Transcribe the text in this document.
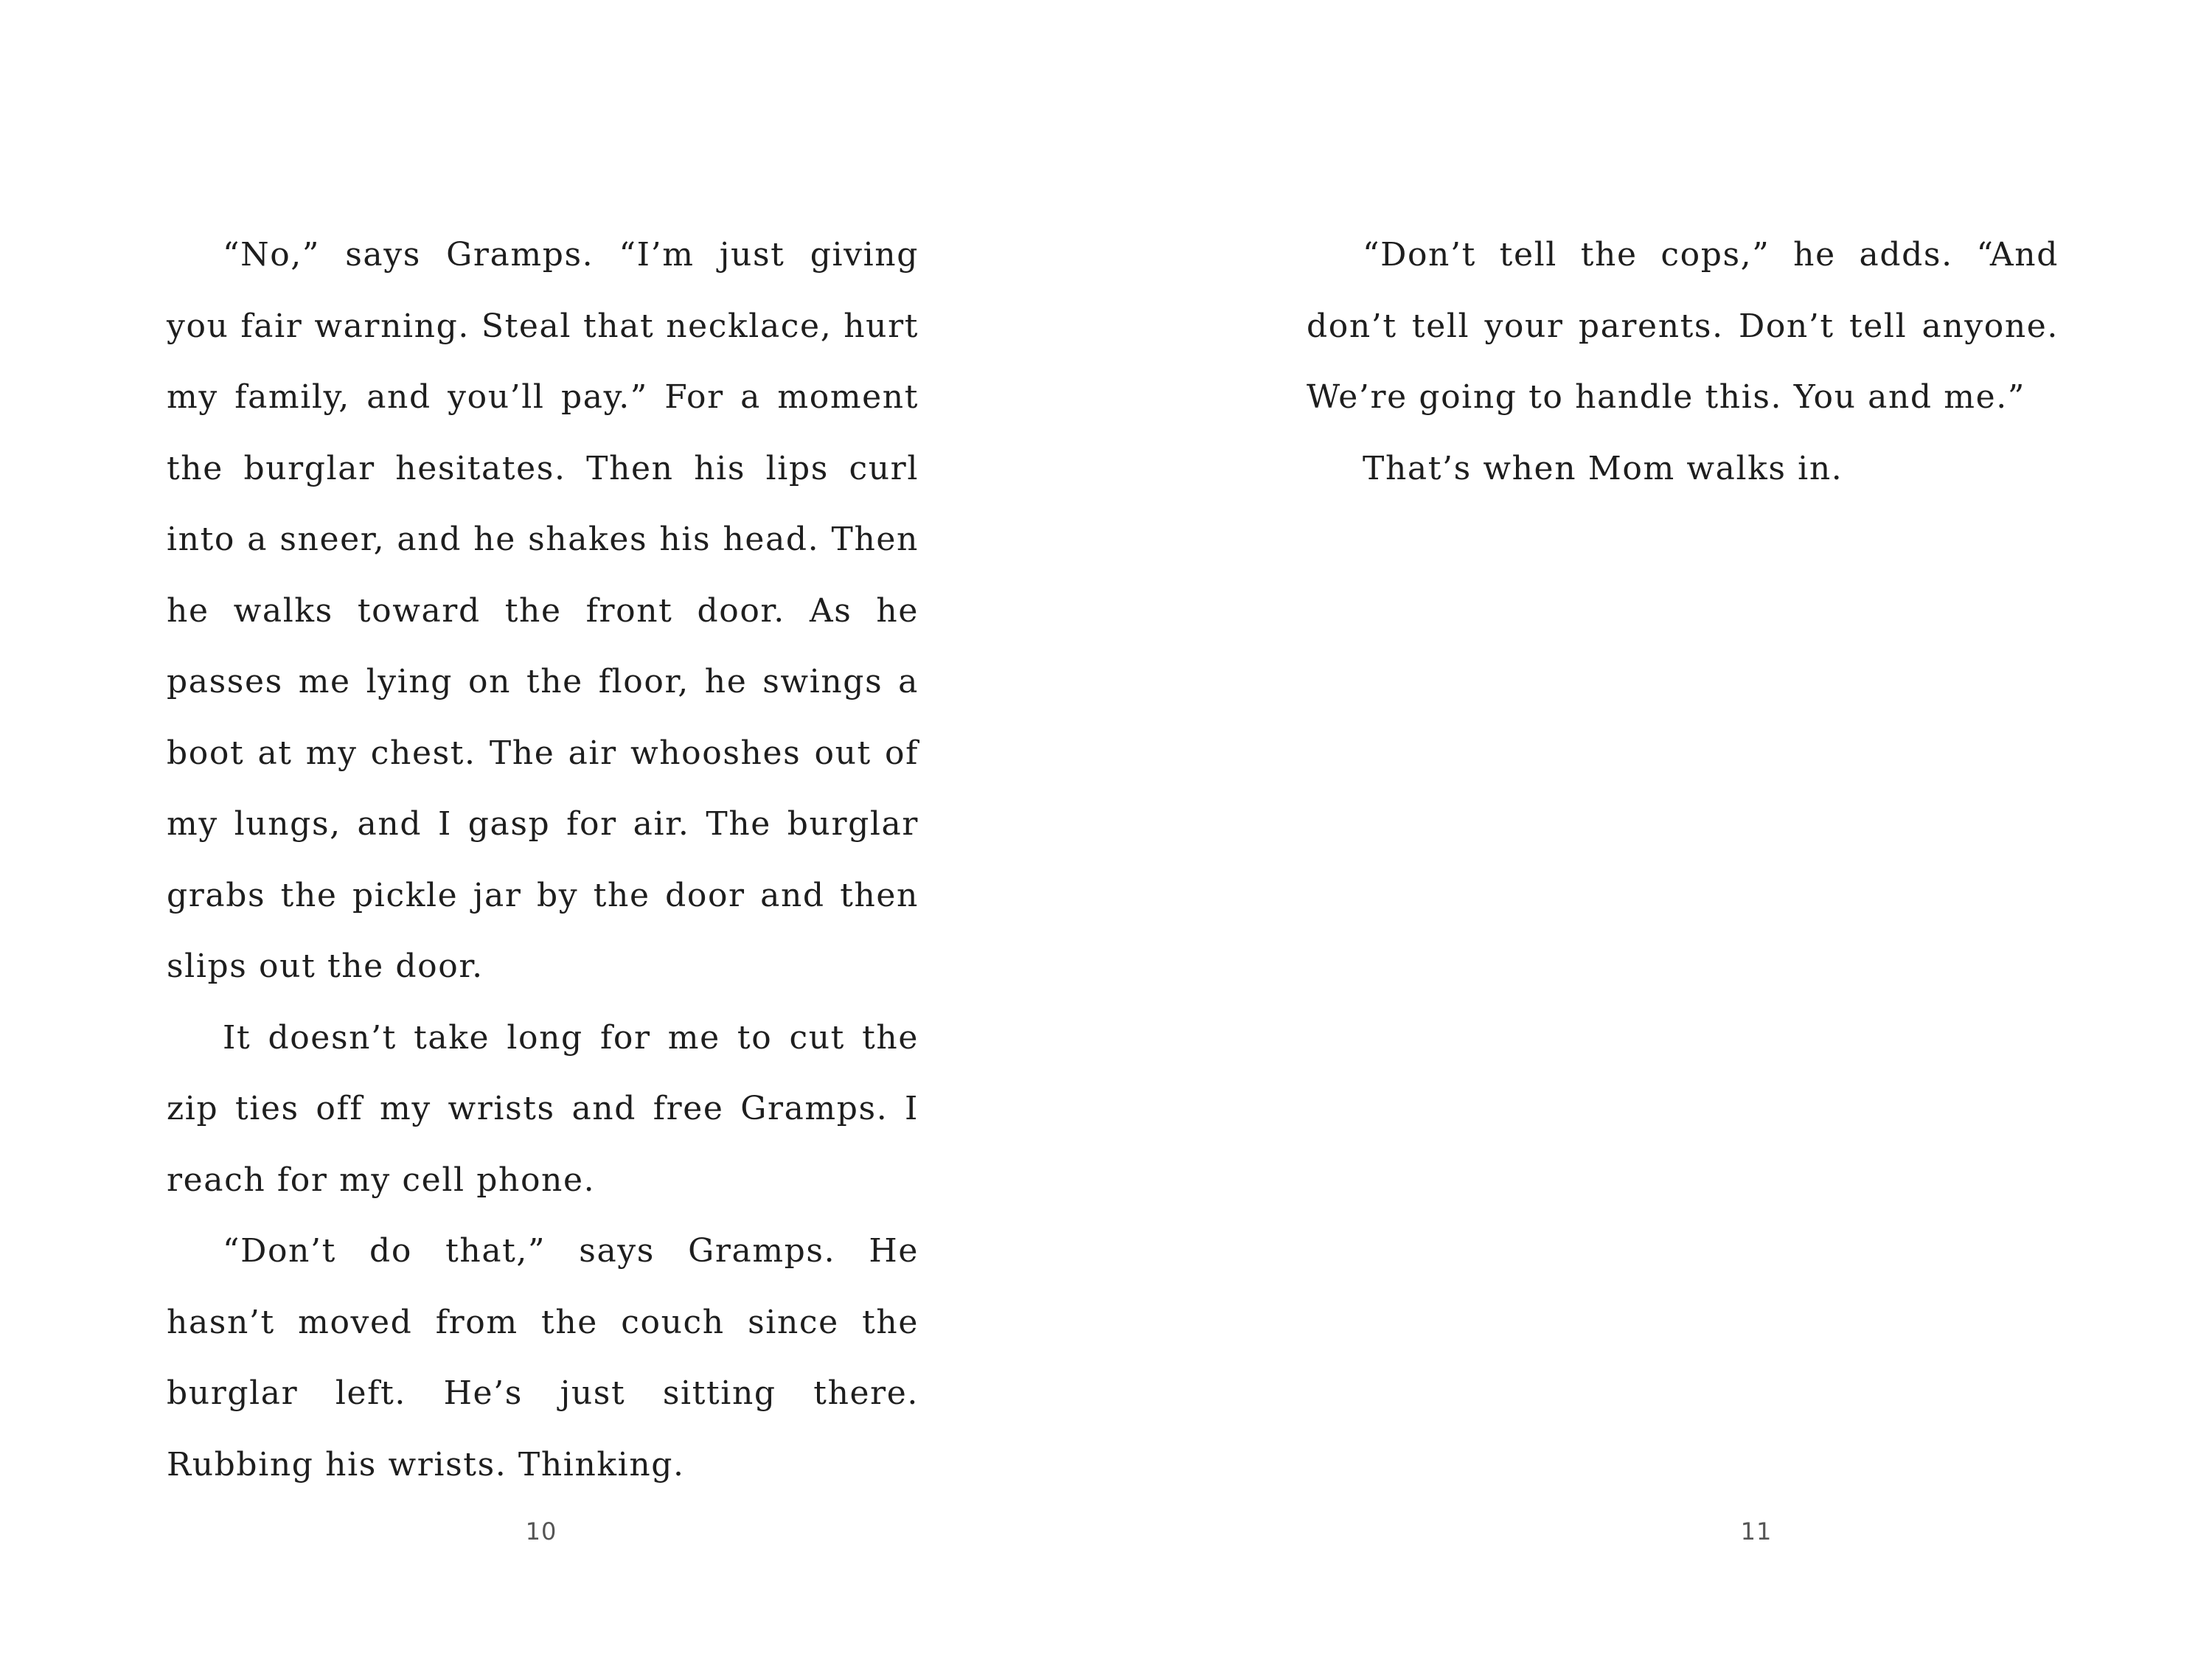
“No,” says Gramps. “I’m just giving you fair warning. Steal that necklace, hurt my family, and you’ll pay.” For a moment the burglar hesitates. Then his lips curl into a sneer, and he shakes his head. Then he walks toward the front door. As he passes me lying on the floor, he swings a boot at my chest. The air whooshes out of my lungs, and I gasp for air. The burglar grabs the pickle jar by the door and then slips out the door.

It doesn’t take long for me to cut the zip ties off my wrists and free Gramps. I reach for my cell phone.

“Don’t do that,” says Gramps. He hasn’t moved from the couch since the burglar left. He’s just sitting there. Rubbing his wrists. Thinking.

10

“Don’t tell the cops,” he adds. “And don’t tell your parents. Don’t tell anyone. We’re going to handle this. You and me.”

That’s when Mom walks in.

11
